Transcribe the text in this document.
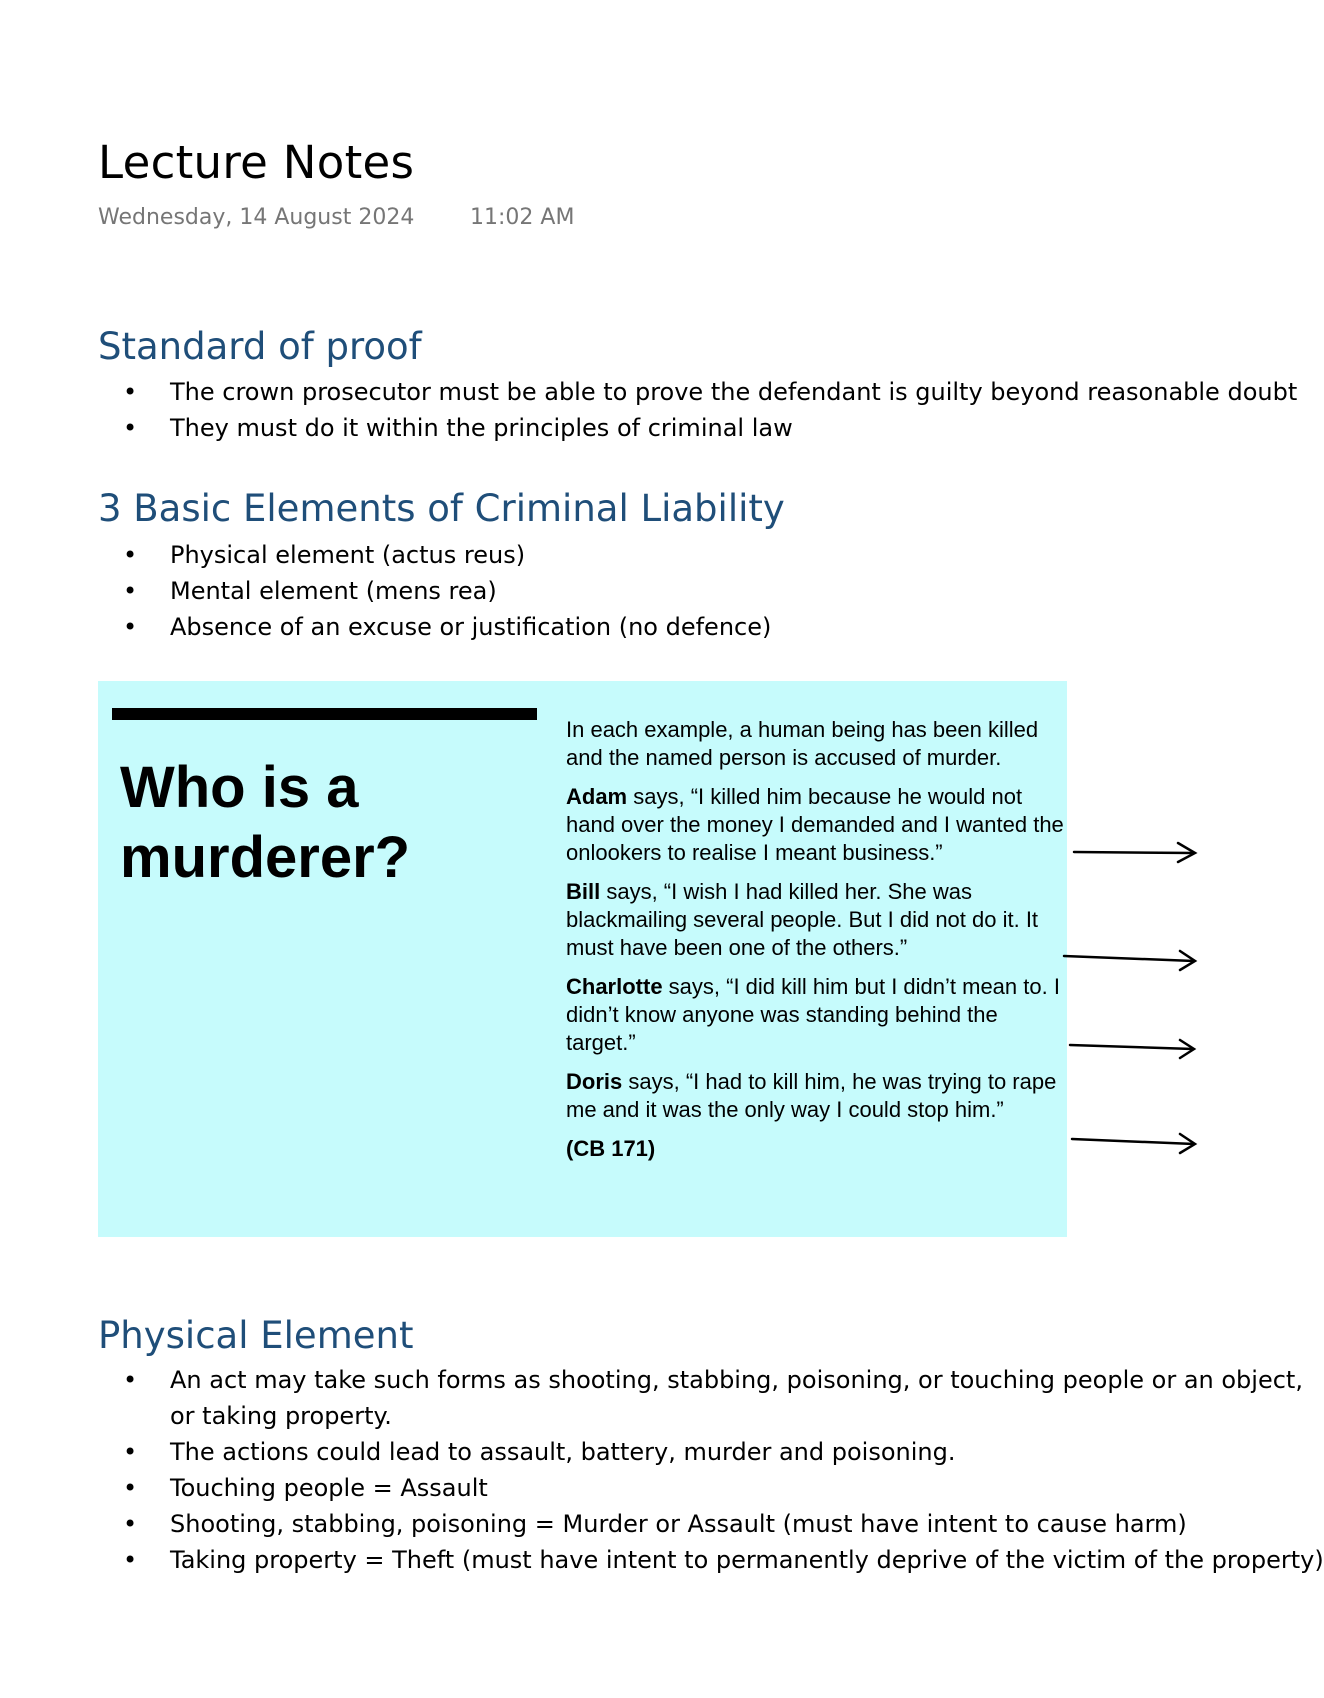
Lecture Notes
Wednesday, 14 August 2024	11:02 AM
Standard of proof
• The crown prosecutor must be able to prove the defendant is guilty beyond reasonable doubt
• They must do it within the principles of criminal law
3 Basic Elements of Criminal Liability
• Physical element (actus reus)
• Mental element (mens rea)
• Absence of an excuse or justification (no defence)
Who is a
murderer?

In each example, a human being has been killed and the named person is accused of murder.

Adam says, “I killed him because he would not hand over the money I demanded and I wanted the onlookers to realise I meant business.”

Bill says, “I wish I had killed her. She was blackmailing several people. But I did not do it. It must have been one of the others.”

Charlotte says, “I did kill him but I didn’t mean to. I didn’t know anyone was standing behind the target.”

Doris says, “I had to kill him, he was trying to rape me and it was the only way I could stop him.”

(CB 171)

Physical Element
• An act may take such forms as shooting, stabbing, poisoning, or touching people or an object,
or taking property.
• The actions could lead to assault, battery, murder and poisoning.
• Touching people = Assault
• Shooting, stabbing, poisoning = Murder or Assault (must have intent to cause harm)
• Taking property = Theft (must have intent to permanently deprive of the victim of the property)
